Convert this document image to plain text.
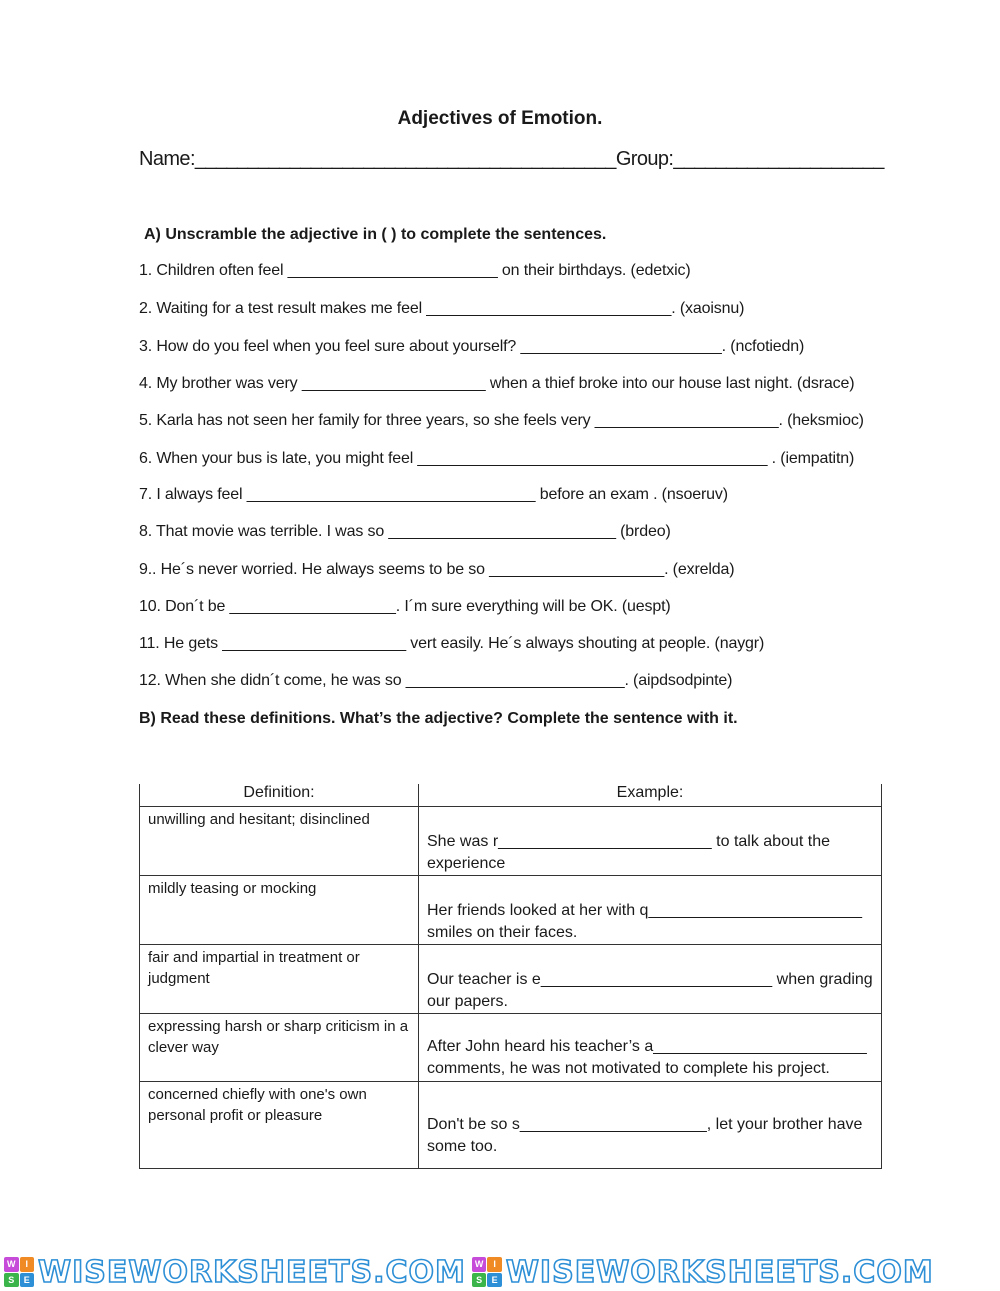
Adjectives of Emotion.
Name:________________________________________Group:____________________
A) Unscramble the adjective in ( ) to complete the sentences.
1. Children often feel ________________________ on their birthdays. (edetxic)
2. Waiting for a test result makes me feel ____________________________. (xaoisnu)
3. How do you feel when you feel sure about yourself? _______________________. (ncfotiedn)
4. My brother was very _____________________ when a thief broke into our house last night. (dsrace)
5. Karla has not seen her family for three years, so she feels very _____________________. (heksmioc)
6. When your bus is late, you might feel ________________________________________ . (iempatitn)
7. I always feel _________________________________ before an exam . (nsoeruv)
8. That movie was terrible. I was so __________________________ (brdeo)
9.. He´s never worried. He always seems to be so ____________________. (exrelda)
10. Don´t be ___________________. I´m sure everything will be OK. (uespt)
11. He gets _____________________ vert easily. He´s always shouting at people. (naygr)
12. When she didn´t come, he was so _________________________. (aipdsodpinte)
B) Read these definitions. What’s the adjective? Complete the sentence with it.
Definition:	Example:
unwilling and hesitant; disinclined	She was r________________________ to talk about the experience
mildly teasing or mocking	Her friends looked at her with q________________________ smiles on their faces.
fair and impartial in treatment or judgment	Our teacher is e__________________________ when grading our papers.
expressing harsh or sharp criticism in a clever way	After John heard his teacher’s a________________________ comments, he was not motivated to complete his project.
concerned chiefly with one's own personal profit or pleasure	Don't be so s_____________________, let your brother have some too.
W	I
S	E WISEWORKSHEETS.COM	W	I
S	E WISEWORKSHEETS.COM
